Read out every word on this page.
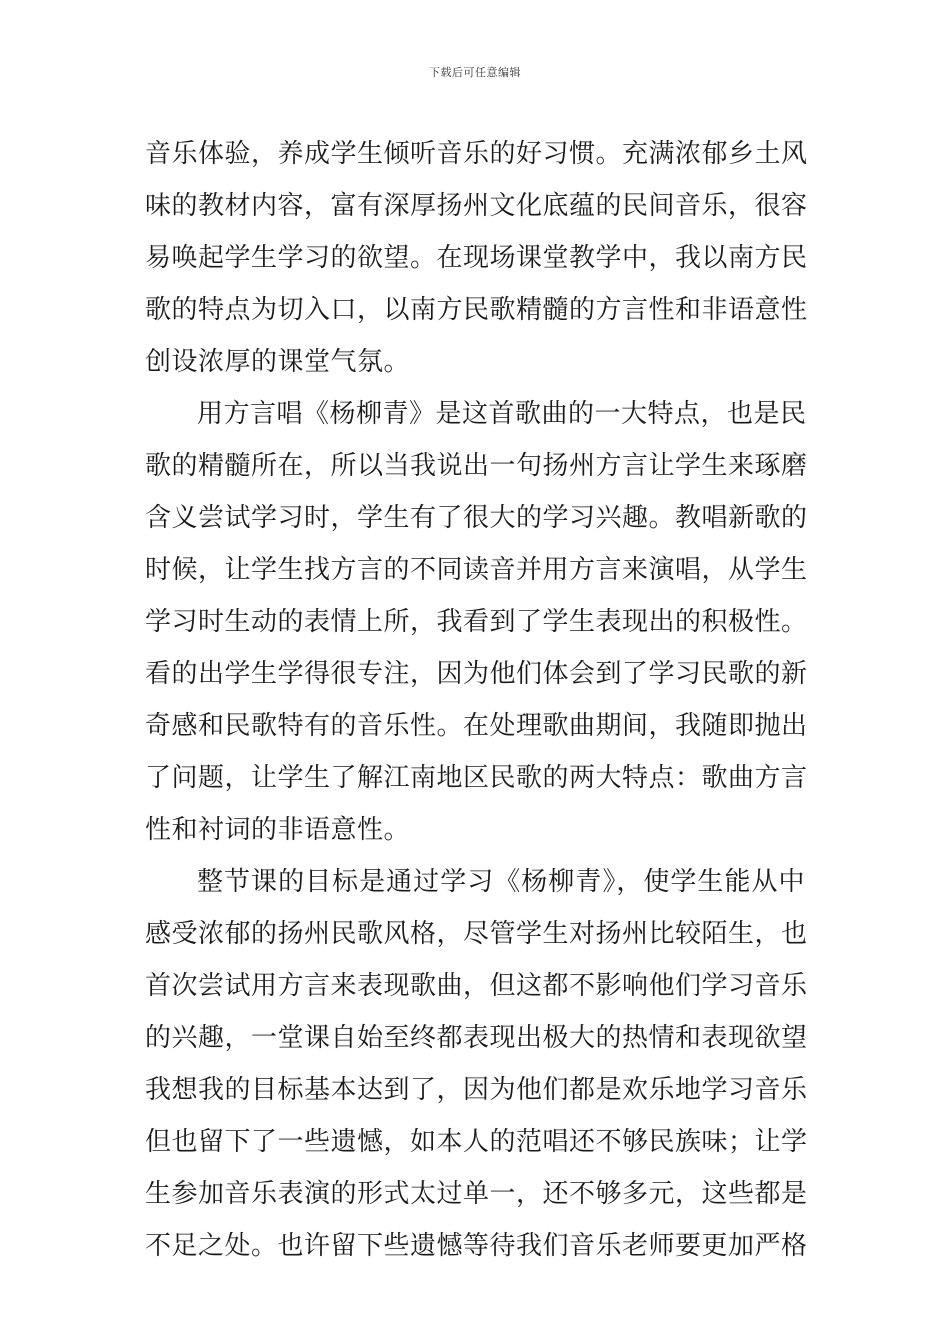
下载后可任意编辑
音乐体验，养成学生倾听音乐的好习惯。充满浓郁乡土风
味的教材内容，富有深厚扬州文化底蕴的民间音乐，很容
易唤起学生学习的欲望。在现场课堂教学中，我以南方民
歌的特点为切入口，以南方民歌精髓的方言性和非语意性
创设浓厚的课堂气氛。
用方言唱《杨柳青》是这首歌曲的一大特点，也是民
歌的精髓所在，所以当我说出一句扬州方言让学生来琢磨
含义尝试学习时，学生有了很大的学习兴趣。教唱新歌的
时候，让学生找方言的不同读音并用方言来演唱，从学生
学习时生动的表情上所，我看到了学生表现出的积极性。
看的出学生学得很专注，因为他们体会到了学习民歌的新
奇感和民歌特有的音乐性。在处理歌曲期间，我随即抛出
了问题，让学生了解江南地区民歌的两大特点：歌曲方言
性和衬词的非语意性。
整节课的目标是通过学习《杨柳青》，使学生能从中
感受浓郁的扬州民歌风格，尽管学生对扬州比较陌生，也
首次尝试用方言来表现歌曲，但这都不影响他们学习音乐
的兴趣，一堂课自始至终都表现出极大的热情和表现欲望
我想我的目标基本达到了，因为他们都是欢乐地学习音乐
但也留下了一些遗憾，如本人的范唱还不够民族味；让学
生参加音乐表演的形式太过单一，还不够多元，这些都是
不足之处。也许留下些遗憾等待我们音乐老师要更加严格
